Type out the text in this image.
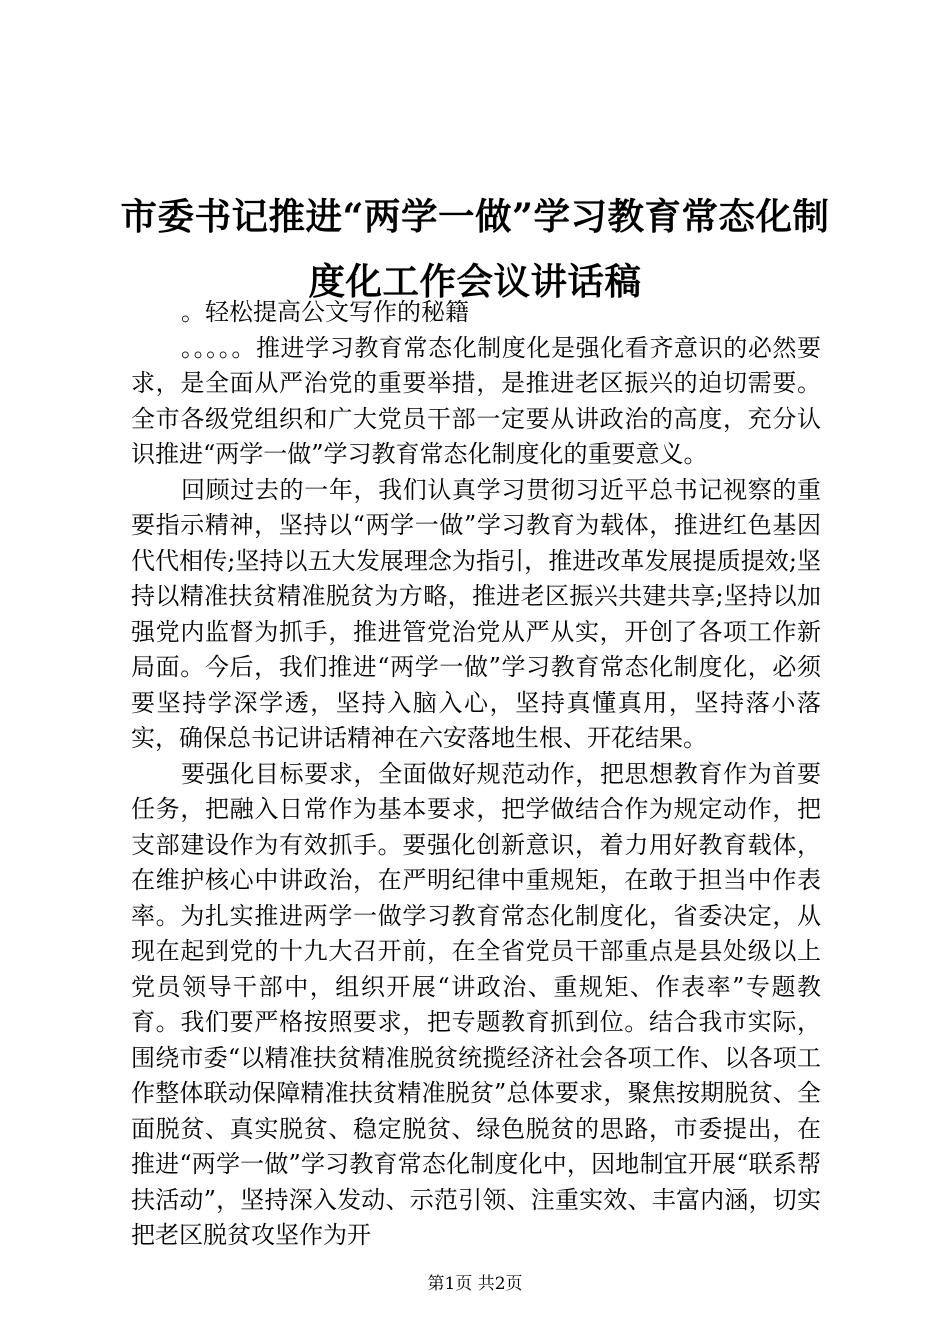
市委书记推进“两学一做”学习教育常态化制度化工作会议讲话稿

。轻松提高公文写作的秘籍

。。。。。推进学习教育常态化制度化是强化看齐意识的必然要求，是全面从严治党的重要举措，是推进老区振兴的迫切需要。全市各级党组织和广大党员干部一定要从讲政治的高度，充分认识推进“两学一做”学习教育常态化制度化的重要意义。

回顾过去的一年，我们认真学习贯彻习近平总书记视察的重要指示精神，坚持以“两学一做”学习教育为载体，推进红色基因代代相传;坚持以五大发展理念为指引，推进改革发展提质提效;坚持以精准扶贫精准脱贫为方略，推进老区振兴共建共享;坚持以加强党内监督为抓手，推进管党治党从严从实，开创了各项工作新局面。今后，我们推进“两学一做”学习教育常态化制度化，必须要坚持学深学透，坚持入脑入心，坚持真懂真用，坚持落小落实，确保总书记讲话精神在六安落地生根、开花结果。

要强化目标要求，全面做好规范动作，把思想教育作为首要任务，把融入日常作为基本要求，把学做结合作为规定动作，把支部建设作为有效抓手。要强化创新意识，着力用好教育载体，在维护核心中讲政治，在严明纪律中重规矩，在敢于担当中作表率。为扎实推进两学一做学习教育常态化制度化，省委决定，从现在起到党的十九大召开前，在全省党员干部重点是县处级以上党员领导干部中，组织开展“讲政治、重规矩、作表率”专题教育。我们要严格按照要求，把专题教育抓到位。结合我市实际，围绕市委“以精准扶贫精准脱贫统揽经济社会各项工作、以各项工作整体联动保障精准扶贫精准脱贫”总体要求，聚焦按期脱贫、全面脱贫、真实脱贫、稳定脱贫、绿色脱贫的思路，市委提出，在推进“两学一做”学习教育常态化制度化中，因地制宜开展“联系帮扶活动”，坚持深入发动、示范引领、注重实效、丰富内涵，切实把老区脱贫攻坚作为开

第1页 共2页
